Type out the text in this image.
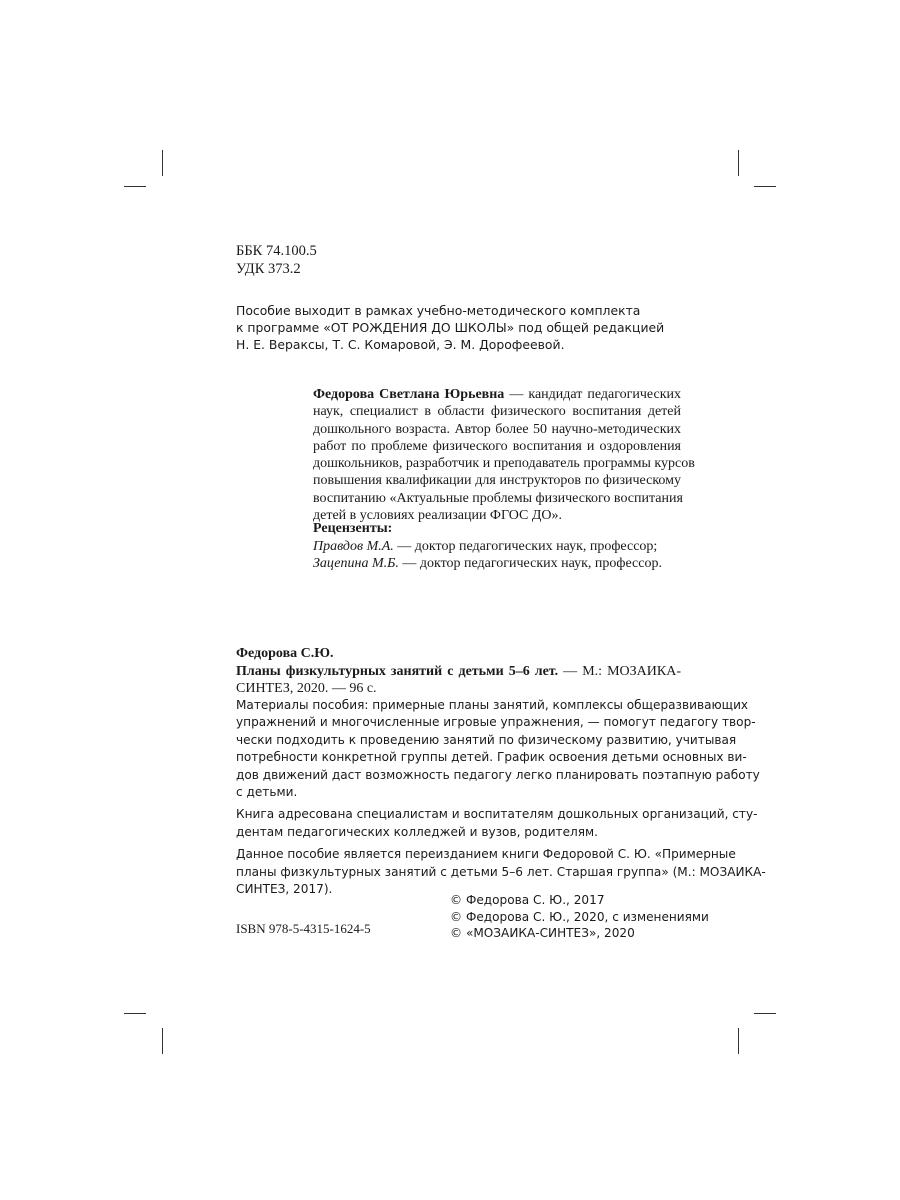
ББК 74.100.5
УДК 373.2
Пособие выходит в рамках учебно-методического комплекта
к программе «ОТ РОЖДЕНИЯ ДО ШКОЛЫ» под общей редакцией
Н. Е. Вераксы, Т. С. Комаровой, Э. М. Дорофеевой.
Федорова Светлана Юрьевна — кандидат педагогических
наук, специалист в области физического воспитания детей
дошкольного возраста. Автор более 50 научно-методических
работ по проблеме физического воспитания и оздоровления
дошкольников, разработчик и преподаватель программы курсов
повышения квалификации для инструкторов по физическому
воспитанию «Актуальные проблемы физического воспитания
детей в условиях реализации ФГОС ДО».
Рецензенты:
Правдов М.А. — доктор педагогических наук, профессор;
Зацепина М.Б. — доктор педагогических наук, профессор.
Федорова С.Ю.
Планы физкультурных занятий с детьми 5–6 лет. — М.: МОЗАИКА-
СИНТЕЗ, 2020. — 96 с.

Материалы пособия: примерные планы занятий, комплексы общеразвивающих
упражнений и многочисленные игровые упражнения, — помогут педагогу твор-
чески подходить к проведению занятий по физическому развитию, учитывая
потребности конкретной группы детей. График освоения детьми основных ви-
дов движений даст возможность педагогу легко планировать поэтапную работу
с детьми.

Книга адресована специалистам и воспитателям дошкольных организаций, сту-
дентам педагогических колледжей и вузов, родителям.

Данное пособие является переизданием книги Федоровой С. Ю. «Примерные
планы физкультурных занятий с детьми 5–6 лет. Старшая группа» (М.: МОЗАИКА-
СИНТЕЗ, 2017).

© Федорова С. Ю., 2017
© Федорова С. Ю., 2020, с изменениями
© «МОЗАИКА-СИНТЕЗ», 2020
ISBN 978-5-4315-1624-5
